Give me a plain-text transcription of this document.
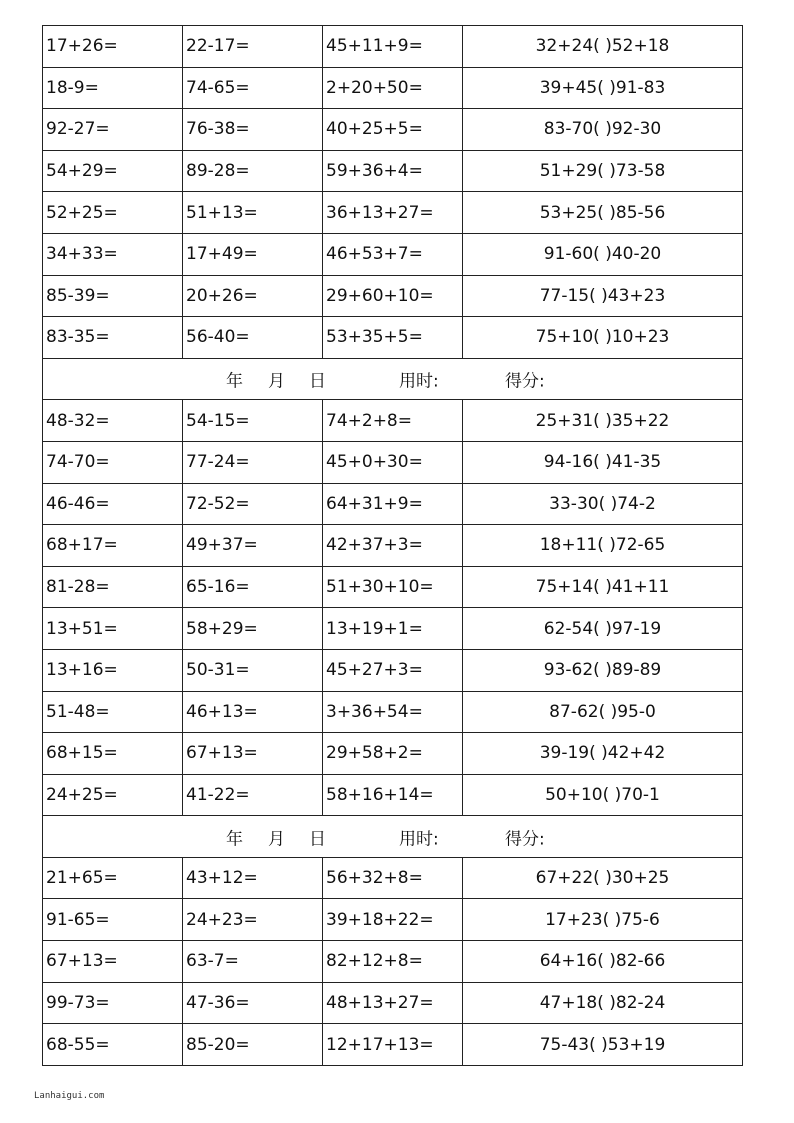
17+26=	22-17=	45+11+9=	32+24( )52+18
18-9=	74-65=	2+20+50=	39+45( )91-83
92-27=	76-38=	40+25+5=	83-70( )92-30
54+29=	89-28=	59+36+4=	51+29( )73-58
52+25=	51+13=	36+13+27=	53+25( )85-56
34+33=	17+49=	46+53+7=	91-60( )40-20
85-39=	20+26=	29+60+10=	77-15( )43+23
83-35=	56-40=	53+35+5=	75+10( )10+23

年 月 日 用时: 得分:			

48-32=	54-15=	74+2+8=	25+31( )35+22
74-70=	77-24=	45+0+30=	94-16( )41-35
46-46=	72-52=	64+31+9=	33-30( )74-2
68+17=	49+37=	42+37+3=	18+11( )72-65
81-28=	65-16=	51+30+10=	75+14( )41+11
13+51=	58+29=	13+19+1=	62-54( )97-19
13+16=	50-31=	45+27+3=	93-62( )89-89
51-48=	46+13=	3+36+54=	87-62( )95-0
68+15=	67+13=	29+58+2=	39-19( )42+42
24+25=	41-22=	58+16+14=	50+10( )70-1

年 月 日 用时: 得分:			

21+65=	43+12=	56+32+8=	67+22( )30+25
91-65=	24+23=	39+18+22=	17+23( )75-6
67+13=	63-7=	82+12+8=	64+16( )82-66
99-73=	47-36=	48+13+27=	47+18( )82-24
68-55=	85-20=	12+17+13=	75-43( )53+19
Lanhaigui.com
